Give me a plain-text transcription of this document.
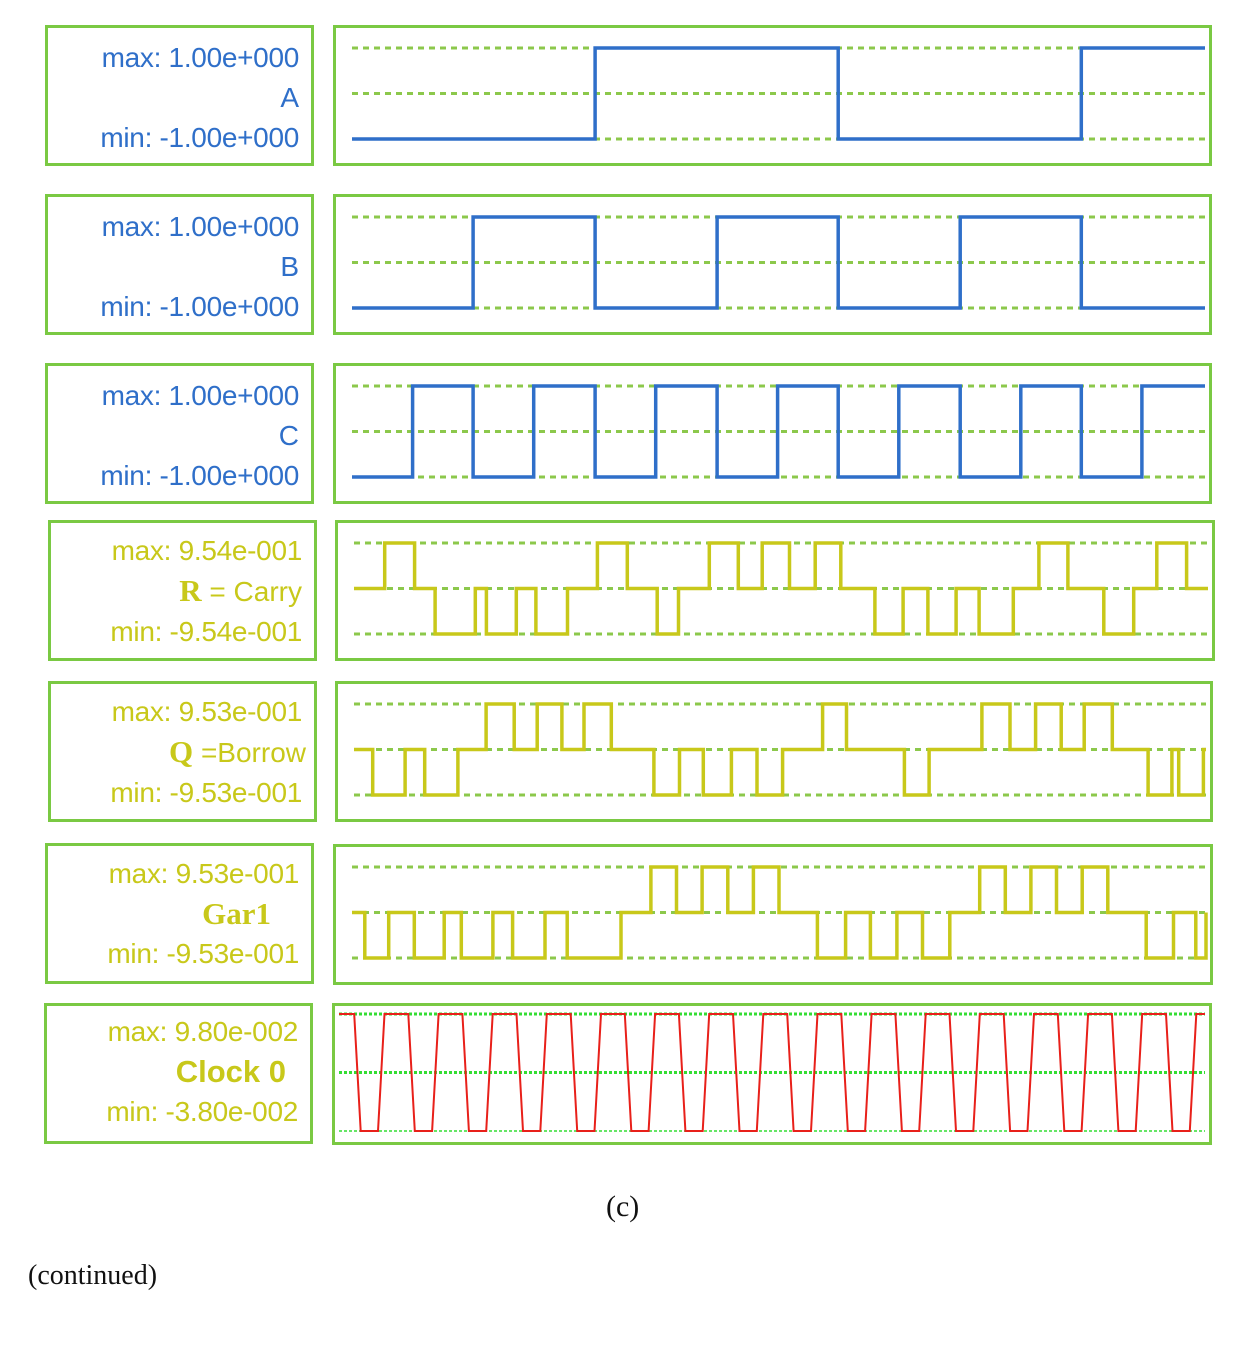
max: 1.00e+000
A
min: -1.00e+000
max: 1.00e+000
B
min: -1.00e+000
max: 1.00e+000
C
min: -1.00e+000
max: 9.54e-001
R = Carry
min: -9.54e-001
max: 9.53e-001
Q =Borrow
min: -9.53e-001
max: 9.53e-001
Gar1
min: -9.53e-001
max: 9.80e-002
Clock 0
min: -3.80e-002
(c)
(continued)
